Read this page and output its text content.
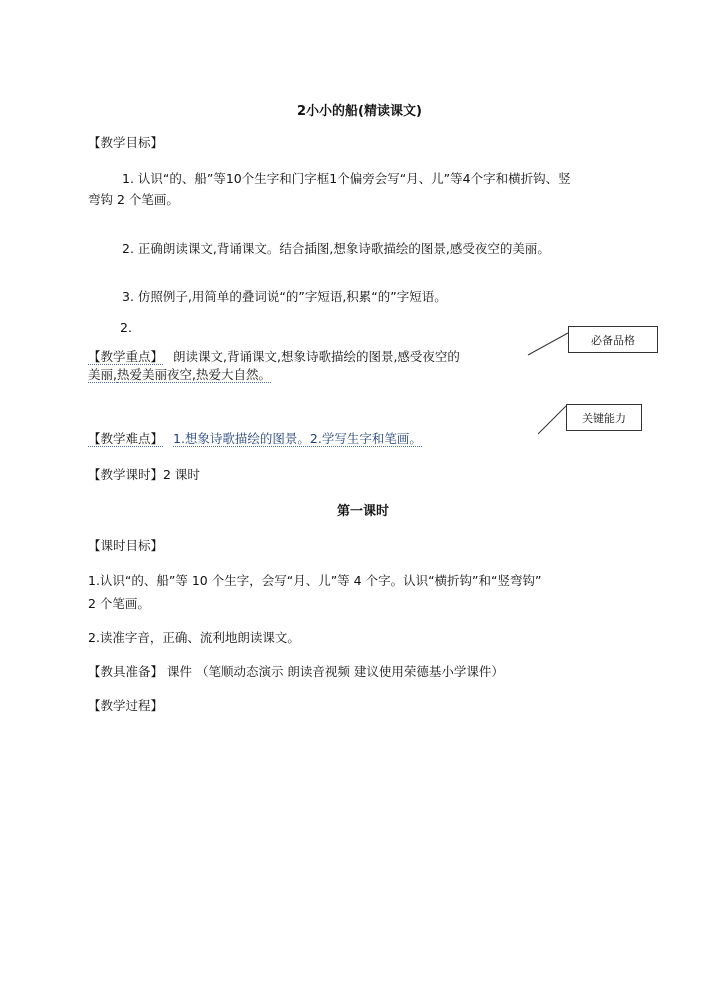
2小小的船(精读课文)
【教学目标】
1. 认识“的、船”等10个生字和门字框1个偏旁会写“月、儿”等4个字和横折钩、竖
弯钩 2 个笔画。
2. 正确朗读课文,背诵课文。结合插图,想象诗歌描绘的图景,感受夜空的美丽。
3. 仿照例子,用简单的叠词说“的”字短语,积累“的”字短语。
2.
【教学重点】 朗读课文,背诵课文,想象诗歌描绘的图景,感受夜空的
美丽,热爱美丽夜空,热爱大自然。
必备品格
关键能力
【教学难点】 1.想象诗歌描绘的图景。2.学写生字和笔画。
【教学课时】2 课时
第一课时
【课时目标】
1.认识“的、船”等 10 个生字，会写“月、儿”等 4 个字。认识“横折钩”和“竖弯钩”
2 个笔画。
2.读准字音，正确、流利地朗读课文。
【教具准备】 课件 （笔顺动态演示 朗读音视频 建议使用荣德基小学课件）
【教学过程】
